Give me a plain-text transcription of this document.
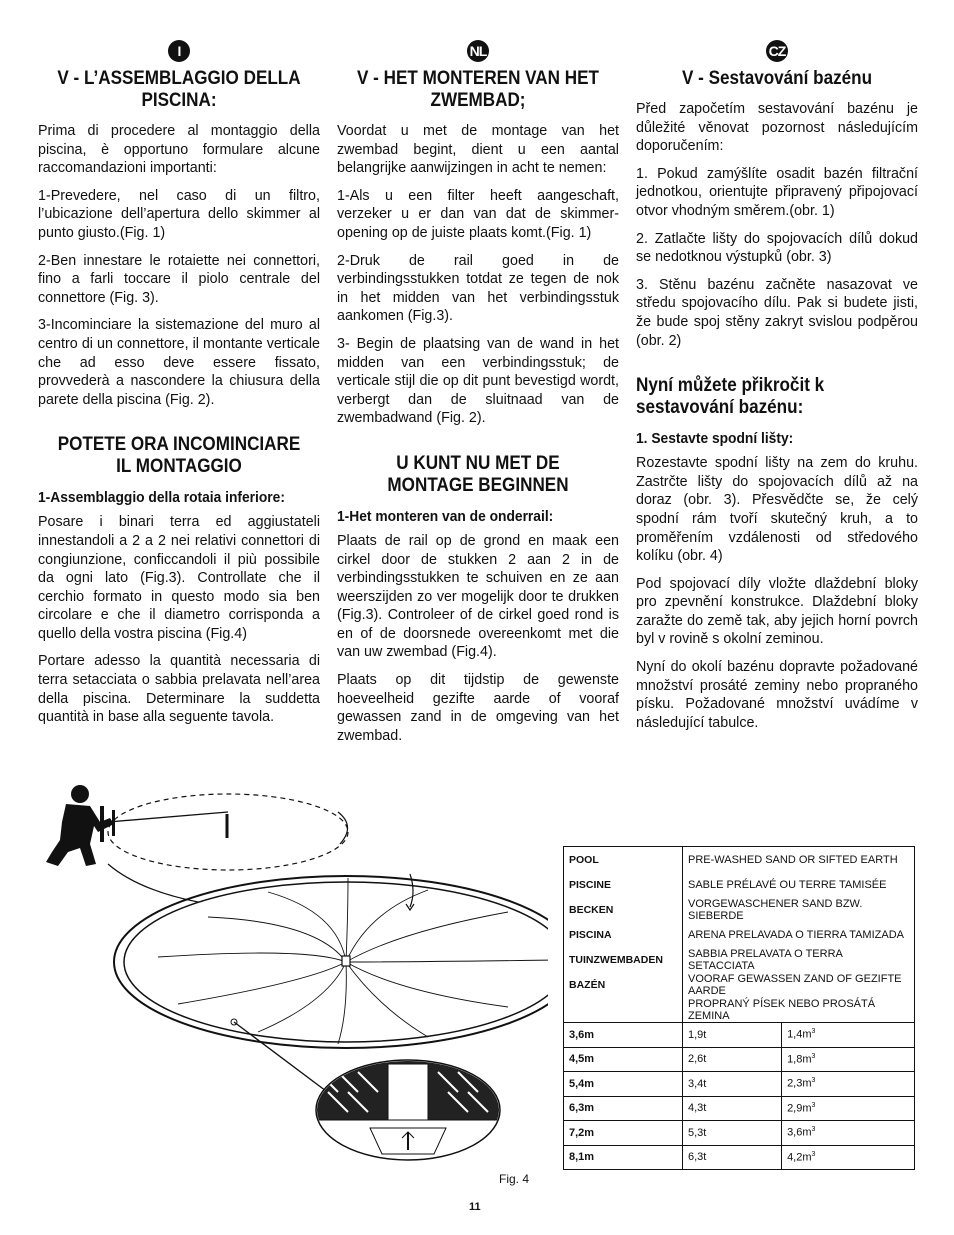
I
V - L’ASSEMBLAGGIO DELLA PISCINA:

Prima di procedere al montaggio della piscina, è opportuno formulare alcune raccomandazioni importanti:

1-Prevedere, nel caso di un filtro, l’ubicazione dell’apertura dello skimmer al punto giusto.(Fig. 1)

2-Ben innestare le rotaiette nei connettori, fino a farli toccare il piolo centrale del connettore (Fig. 3).

3-Incominciare la sistemazione del muro al centro di un connettore, il montante verticale che ad esso deve essere fissato, provvederà a nascondere la chiusura della parete della piscina (Fig. 2).

POTETE ORA INCOMINCIARE IL MONTAGGIO
1-Assemblaggio della rotaia inferiore:

Posare i binari terra ed aggiustateli innestandoli a 2 a 2 nei relativi connettori di congiunzione, conficcandoli il più possibile da ogni lato (Fig.3). Controllate che il cerchio formato in questo modo sia ben circolare e che il diametro corrisponda a quello della vostra piscina (Fig.4)

Portare adesso la quantità necessaria di terra setacciata o sabbia prelavata nell’area della piscina. Determinare la suddetta quantità in base alla seguente tavola.

NL
V - HET MONTEREN VAN HET ZWEMBAD;

Voordat u met de montage van het zwembad begint, dient u een aantal belangrijke aanwijzingen in acht te nemen:

1-Als u een filter heeft aangeschaft, verzeker u er dan van dat de skimmer-opening op de juiste plaats komt.(Fig. 1)

2-Druk de rail goed in de verbindingsstukken totdat ze tegen de nok in het midden van het verbindingsstuk aankomen (Fig.3).

3- Begin de plaatsing van de wand in het midden van een verbindingsstuk; de verticale stijl die op dit punt bevestigd wordt, verbergt dan de sluitnaad van de zwembadwand (Fig. 2).

U KUNT NU MET DE MONTAGE BEGINNEN
1-Het monteren van de onderrail:

Plaats de rail op de grond en maak een cirkel door de stukken 2 aan 2 in de verbindingsstukken te schuiven en ze aan weerszijden zo ver mogelijk door te drukken (Fig.3). Controleer of de cirkel goed rond is en of de doorsnede overeenkomt met die van uw zwembad (Fig.4).

Plaats op dit tijdstip de gewenste hoeveelheid gezifte aarde of vooraf gewassen zand in de omgeving van het zwembad.

CZ
V - Sestavování bazénu

Před započetím sestavování bazénu je důležité věnovat pozornost následujícím doporučením:

1. Pokud zamýšlíte osadit bazén filtrační jednotkou, orientujte připravený připojovací otvor vhodným směrem.(obr. 1)

2. Zatlačte lišty do spojovacích dílů dokud se nedotknou výstupků (obr. 3)

3. Stěnu bazénu začněte nasazovat ve středu spojovacího dílu. Pak si budete jisti, že bude spoj stěny zakryt svislou podpěrou (obr. 2)

Nyní můžete přikročit k sestavování bazénu:
1. Sestavte spodní lišty:

Rozestavte spodní lišty na zem do kruhu. Zastrčte lišty do spojovacích dílů až na doraz (obr. 3). Přesvědčte se, že celý spodní rám tvoří skutečný kruh, a to proměřením vzdálenosti od středového kolíku (obr. 4)

Pod spojovací díly vložte dlaždební bloky pro zpevnění konstrukce. Dlaždební bloky zaražte do země tak, aby jejich horní povrch byl v rovině s okolní zeminou.

Nyní do okolí bazénu dopravte požadované množství prosáté zeminy nebo propraného písku. Požadované množství uvádíme v následující tabulce.

POOL	PRE-WASHED SAND OR SIFTED EARTH	
PISCINE	SABLE PRÉLAVÉ OU TERRE TAMISÉE	
BECKEN	VORGEWASCHENER SAND BZW. SIEBERDE	
PISCINA	ARENA PRELAVADA O TIERRA TAMIZADA	
TUINZWEMBADEN	SABBIA PRELAVATA O TERRA SETACCIATA	
BAZÉN	VOORAF GEWASSEN ZAND OF GEZIFTE AARDE	
	PROPRANÝ PÍSEK NEBO PROSÁTÁ ZEMINA	
3,6m	1,9t	$1,4m^3$
4,5m	2,6t	$1,8m^3$
5,4m	3,4t	$2,3m^3$
6,3m	4,3t	$2,9m^3$
7,2m	5,3t	$3,6m^3$
8,1m	6,3t	$4,2m^3$
Fig. 4
11
